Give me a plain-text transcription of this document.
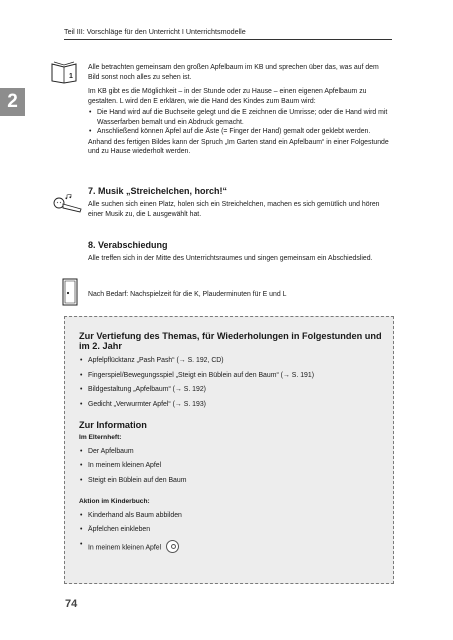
Teil III: Vorschläge für den Unterricht I Unterrichtsmodelle
2
1

Alle betrachten gemeinsam den großen Apfelbaum im KB und sprechen über das, was auf dem Bild sonst noch alles zu sehen ist.

Im KB gibt es die Möglichkeit – in der Stunde oder zu Hause – einen eigenen Apfelbaum zu gestalten. L wird den E erklären, wie die Hand des Kindes zum Baum wird:

• Die Hand wird auf die Buchseite gelegt und die E zeichnen die Umrisse; oder die Hand wird mit Wasserfarben bemalt und ein Abdruck gemacht.
• Anschließend können Äpfel auf die Äste (= Finger der Hand) gemalt oder geklebt werden.

Anhand des fertigen Bildes kann der Spruch „Im Garten stand ein Apfelbaum“ in einer Folgestunde und zu Hause wiederholt werden.

7. Musik „Streichelchen, horch!“

Alle suchen sich einen Platz, holen sich ein Streichelchen, machen es sich gemütlich und hören einer Musik zu, die L ausgewählt hat.

8. Verabschiedung

Alle treffen sich in der Mitte des Unterrichtsraumes und singen gemeinsam ein Abschiedslied.

Nach Bedarf: Nachspielzeit für die K, Plauderminuten für E und L
Zur Vertiefung des Themas, für Wiederholungen in Folgestunden und im 2. Jahr
• Apfelpflücktanz „Pash Pash“ (→ S. 192, CD)
• Fingerspiel/Bewegungsspiel „Steigt ein Büblein auf den Baum“ (→ S. 191)
• Bildgestaltung „Apfelbaum“ (→ S. 192)
• Gedicht „Verwurmter Apfel“ (→ S. 193)
Zur Information
Im Elternheft:
• Der Apfelbaum
• In meinem kleinen Apfel
• Steigt ein Büblein auf den Baum
Aktion im Kinderbuch:
• Kinderhand als Baum abbilden
• Äpfelchen einkleben
• In meinem kleinen Apfel
74
